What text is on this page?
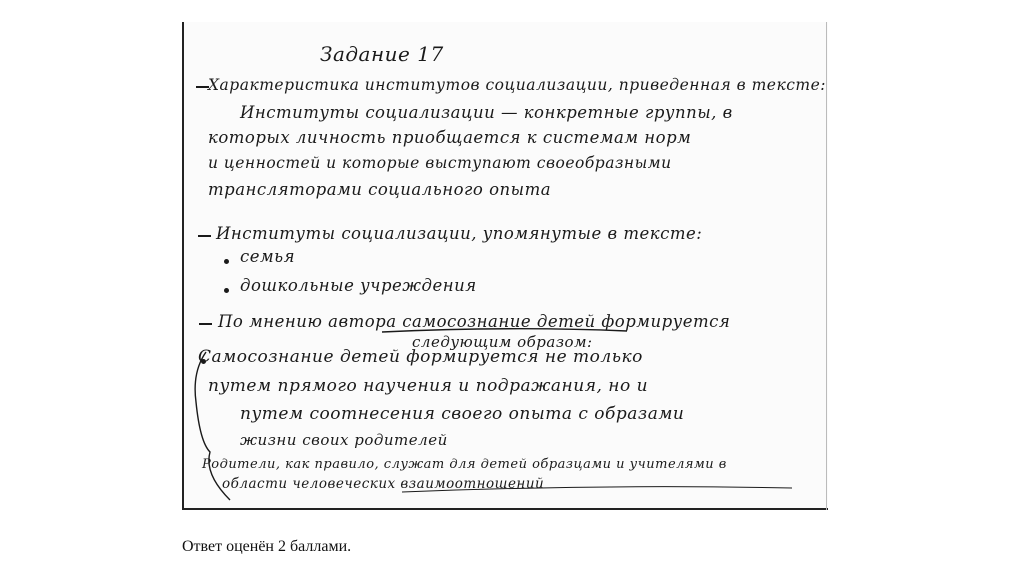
Задание 17
Характеристика институтов социализации, приведенная в тексте:
Институты социализации — конкретные группы, в
которых личность приобщается к системам норм
и ценностей и которые выступают своеобразными
трансляторами социального опыта
Институты социализации, упомянутые в тексте:
семья
дошкольные учреждения
По мнению автора самосознание детей формируется
следующим образом:
Самосознание детей формируется не только
путем прямого научения и подражания, но и
путем соотнесения своего опыта с образами
жизни своих родителей
Родители, как правило, служат для детей образцами и учителями в
области человеческих взаимоотношений
Ответ оценён 2 баллами.
